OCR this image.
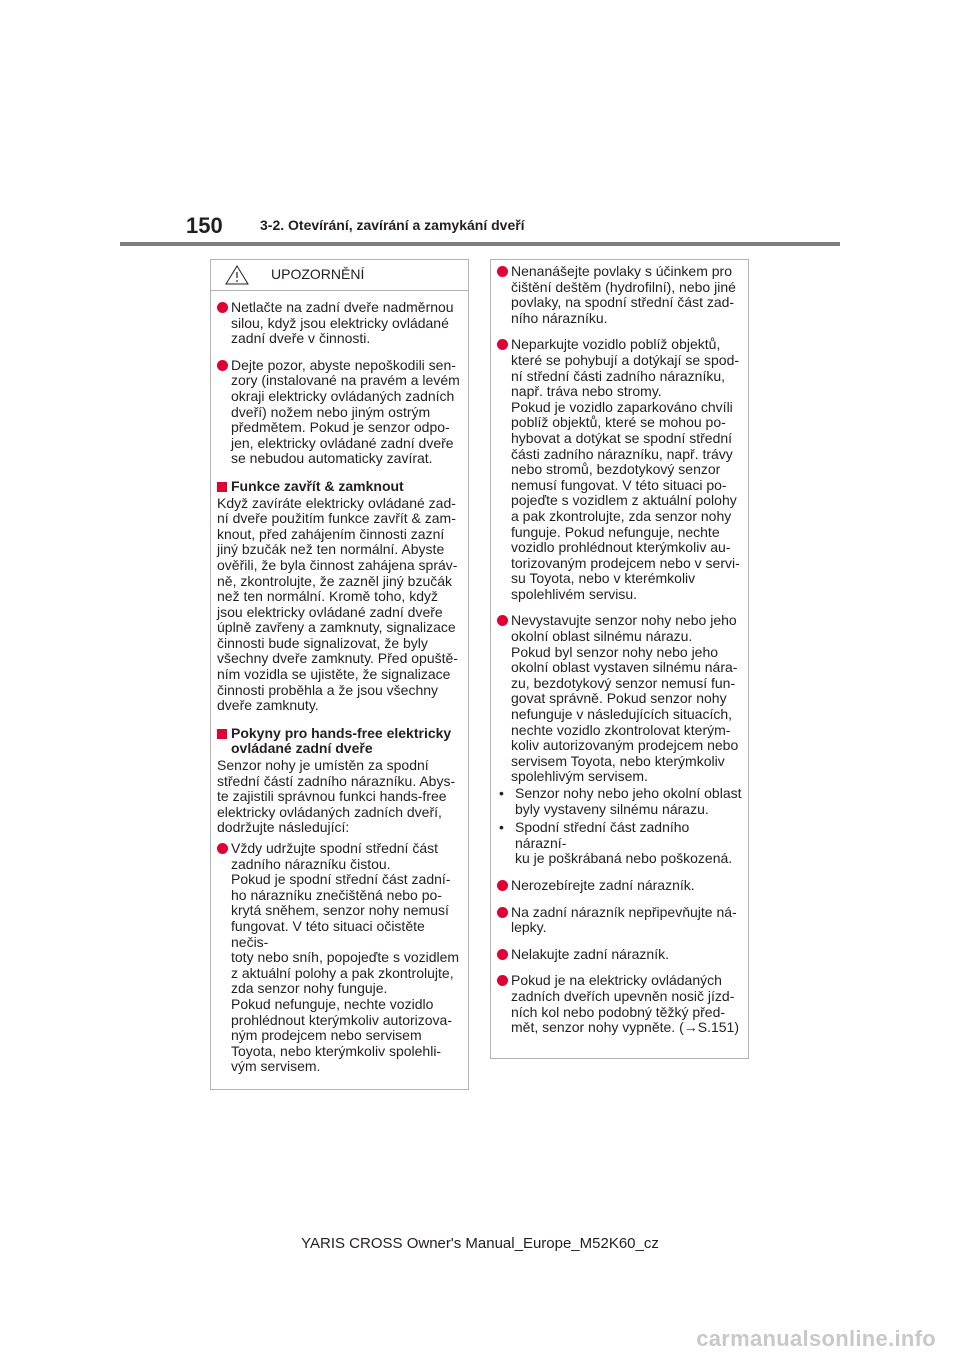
150	3-2. Otevírání, zavírání a zamykání dveří
UPOZORNĚNÍ
Netlačte na zadní dveře nadměrnou
silou, když jsou elektricky ovládané
zadní dveře v činnosti.
Dejte pozor, abyste nepoškodili sen-
zory (instalované na pravém a levém
okraji elektricky ovládaných zadních
dveří) nožem nebo jiným ostrým
předmětem. Pokud je senzor odpo-
jen, elektricky ovládané zadní dveře
se nebudou automaticky zavírat.
Funkce zavřít & zamknout
Když zavíráte elektricky ovládané zad-
ní dveře použitím funkce zavřít & zam-
knout, před zahájením činnosti zazní
jiný bzučák než ten normální. Abyste
ověřili, že byla činnost zahájena správ-
ně, zkontrolujte, že zazněl jiný bzučák
než ten normální. Kromě toho, když
jsou elektricky ovládané zadní dveře
úplně zavřeny a zamknuty, signalizace
činnosti bude signalizovat, že byly
všechny dveře zamknuty. Před opuště-
ním vozidla se ujistěte, že signalizace
činnosti proběhla a že jsou všechny
dveře zamknuty.
Pokyny pro hands-free elektricky
ovládané zadní dveře
Senzor nohy je umístěn za spodní
střední částí zadního nárazníku. Abys-
te zajistili správnou funkci hands-free
elektricky ovládaných zadních dveří,
dodržujte následující:
Vždy udržujte spodní střední část
zadního nárazníku čistou.
Pokud je spodní střední část zadní-
ho nárazníku znečištěná nebo po-
krytá sněhem, senzor nohy nemusí
fungovat. V této situaci očistěte nečis-
toty nebo sníh, popojeďte s vozidlem
z aktuální polohy a pak zkontrolujte,
zda senzor nohy funguje.
Pokud nefunguje, nechte vozidlo
prohlédnout kterýmkoliv autorizova-
ným prodejcem nebo servisem
Toyota, nebo kterýmkoliv spolehli-
vým servisem.
Nenanášejte povlaky s účinkem pro
čištění deštěm (hydrofilní), nebo jiné
povlaky, na spodní střední část zad-
ního nárazníku.
Neparkujte vozidlo poblíž objektů,
které se pohybují a dotýkají se spod-
ní střední části zadního nárazníku,
např. tráva nebo stromy.
Pokud je vozidlo zaparkováno chvíli
poblíž objektů, které se mohou po-
hybovat a dotýkat se spodní střední
části zadního nárazníku, např. trávy
nebo stromů, bezdotykový senzor
nemusí fungovat. V této situaci po-
pojeďte s vozidlem z aktuální polohy
a pak zkontrolujte, zda senzor nohy
funguje. Pokud nefunguje, nechte
vozidlo prohlédnout kterýmkoliv au-
torizovaným prodejcem nebo v servi-
su Toyota, nebo v kterémkoliv
spolehlivém servisu.
Nevystavujte senzor nohy nebo jeho
okolní oblast silnému nárazu.
Pokud byl senzor nohy nebo jeho
okolní oblast vystaven silnému nára-
zu, bezdotykový senzor nemusí fun-
govat správně. Pokud senzor nohy
nefunguje v následujících situacích,
nechte vozidlo zkontrolovat kterým-
koliv autorizovaným prodejcem nebo
servisem Toyota, nebo kterýmkoliv
spolehlivým servisem.
• Senzor nohy nebo jeho okolní oblast
byly vystaveny silnému nárazu.
• Spodní střední část zadního nárazní-
ku je poškrábaná nebo poškozená.
Nerozebírejte zadní nárazník.
Na zadní nárazník nepřipevňujte ná-
lepky.
Nelakujte zadní nárazník.
Pokud je na elektricky ovládaných
zadních dveřích upevněn nosič jízd-
ních kol nebo podobný těžký před-
mět, senzor nohy vypněte. (→S.151)
YARIS CROSS Owner's Manual_Europe_M52K60_cz
carmanualsonline.info
